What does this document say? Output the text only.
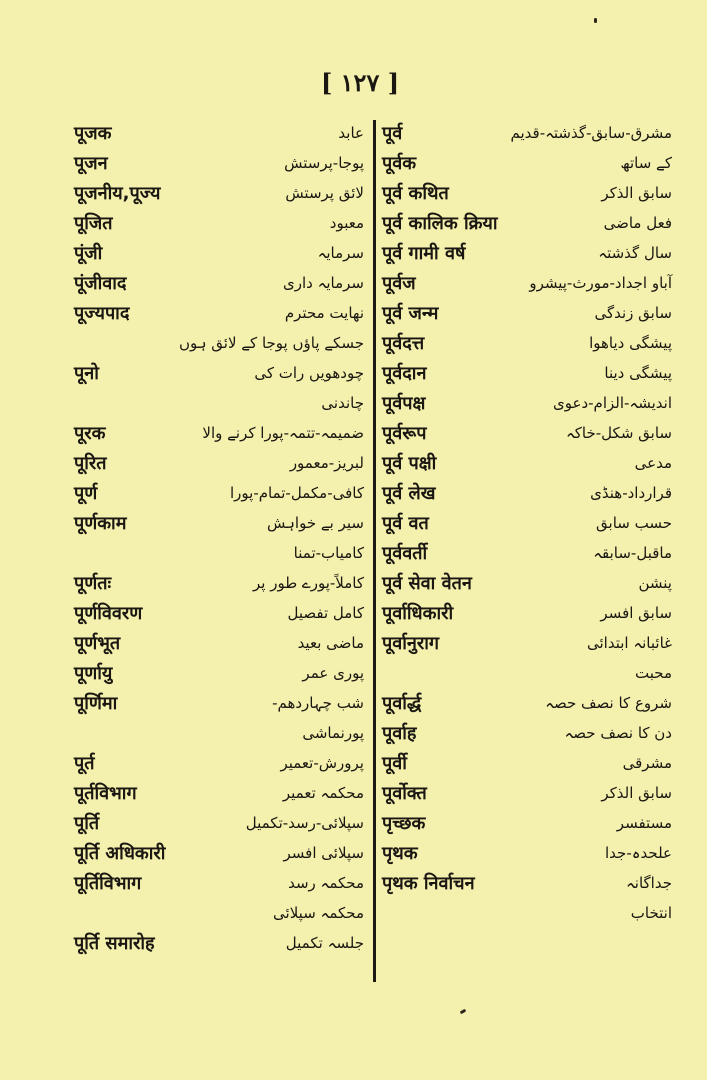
[ ۱۲۷ ]
पूजक	عابد
पूजन	پوجا-پرستش
पूजनीय,पूज्य	لائق پرستش
पूजित	معبود
पूंजी	سرمایہ
पूंजीवाद	سرمایہ داری
पूज्यपाद	نهایت محترم
جسکے پاؤں پوجا کے لائق ہوں
पूनो	چودھویں رات کی
چاندنی
पूरक	ضمیمہ-تتمہ-پورا کرنے والا
पूरित	لبریز-معمور
पूर्ण	کافی-مکمل-تمام-پورا
पूर्णकाम	سیر بے خواہش
کامیاب-تمنا
पूर्णतः	کاملاً-پورے طور پر
पूर्णविवरण	کامل تفصیل
पूर्णभूत	ماضی بعید
पूर्णायु	پوری عمر
पूर्णिमा	شب چہاردهم-
پورنماشی
पूर्त	پرورش-تعمیر
पूर्तविभाग	محکمہ تعمیر
पूर्ति	سپلائی-رسد-تکمیل
पूर्ति अधिकारी	سپلائی افسر
पूर्तिविभाग	محکمہ رسد
محکمہ سپلائی
पूर्ति समारोह	جلسہ تکمیل
पूर्व	مشرق-سابق-گذشتہ-قدیم
पूर्वक	کے ساتھ
पूर्व कथित	سابق الذکر
पूर्व कालिक क्रिया	فعل ماضی
पूर्व गामी वर्ष	سال گذشتہ
पूर्वज	آباو اجداد-مورث-پیشرو
पूर्व जन्म	سابق زندگی
पूर्वदत्त	پیشگی دیاهوا
पूर्वदान	پیشگی دینا
पूर्वपक्ष	اندیشہ-الزام-دعوی
पूर्वरूप	سابق شکل-خاکہ
पूर्व पक्षी	مدعی
पूर्व लेख	قرارداد-هنڈی
पूर्व वत	حسب سابق
पूर्ववर्ती	ماقبل-سابقہ
पूर्व सेवा वेतन	پنشن
पूर्वाधिकारी	سابق افسر
पूर्वानुराग	غائبانہ ابتدائی
محبت
पूर्वार्द्ध	شروع کا نصف حصہ
पूर्वाह	دن کا نصف حصہ
पूर्वी	مشرقی
पूर्वोक्त	سابق الذکر
पृच्छक	مستفسر
पृथक	علحدہ-جدا
पृथक निर्वाचन	جداگانہ
انتخاب
